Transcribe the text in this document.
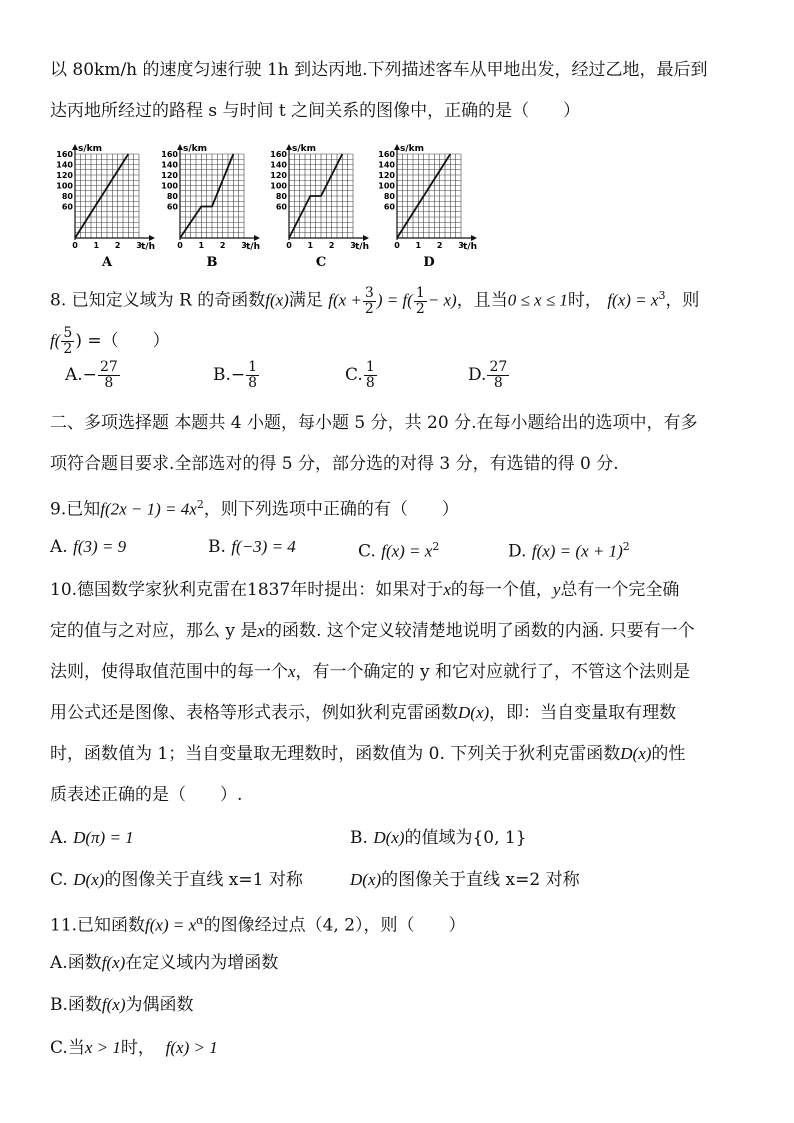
以 80km/h 的速度匀速行驶 1h 到达丙地.下列描述客车从甲地出发，经过乙地，最后到
达丙地所经过的路程 s 与时间 t 之间关系的图像中，正确的是（　　）
s/km
t/h
160
140
120
100
80
60
0 1 2 3
A
s/km
t/h
160
140
120
100
80
60
0 1 2 3
B
s/km
t/h
160
140
120
100
80
60
0 1 2 3
C
s/km
t/h
160
140
120
100
80
60
0 1 2 3
D
8. 已知定义域为 R 的奇函数f(x)满足 $f(x + \frac{3}{2}$ ) = $f( \frac{1}{2} - x)$，且当0 ≤ x ≤ 1时， $f(x) = x^3$，则
$f( \frac{5}{2}$ ) =（　　）
$A.- \frac{27}{8}$	$B.- \frac{1}{8}$	C. $\frac{1}{8}$	D. $\frac{27}{8}$
二、多项选择题 本题共 4 小题，每小题 5 分，共 20 分.在每小题给出的选项中，有多
项符合题目要求.全部选对的得 5 分，部分选的对得 3 分，有选错的得 0 分.
9.已知$f(2x - 1) = 4x^2$，则下列选项中正确的有（　　）
A. f(3) = 9	B. f(−3) = 4	C. $f(x) = x^2$	D. $f(x) = (x + 1)^2$
10.德国数学家狄利克雷在1837年时提出：如果对于x的每一个值，y总有一个完全确
定的值与之对应，那么 y 是x的函数. 这个定义较清楚地说明了函数的内涵. 只要有一个
法则，使得取值范围中的每一个x，有一个确定的 y 和它对应就行了，不管这个法则是
用公式还是图像、表格等形式表示，例如狄利克雷函数D(x)，即：当自变量取有理数
时，函数值为 1；当自变量取无理数时，函数值为 0. 下列关于狄利克雷函数D(x)的性
质表述正确的是（　　）.
A. D(π) = 1	B. D(x)的值域为{0, 1}
C. D(x)的图像关于直线 x=1 对称	D(x)的图像关于直线 x=2 对称
11.已知函数$f(x) = x^\alpha$的图像经过点（4, 2），则（　　）
A.函数f(x)在定义域内为增函数
B.函数f(x)为偶函数
C.当x > 1时， f(x) > 1
